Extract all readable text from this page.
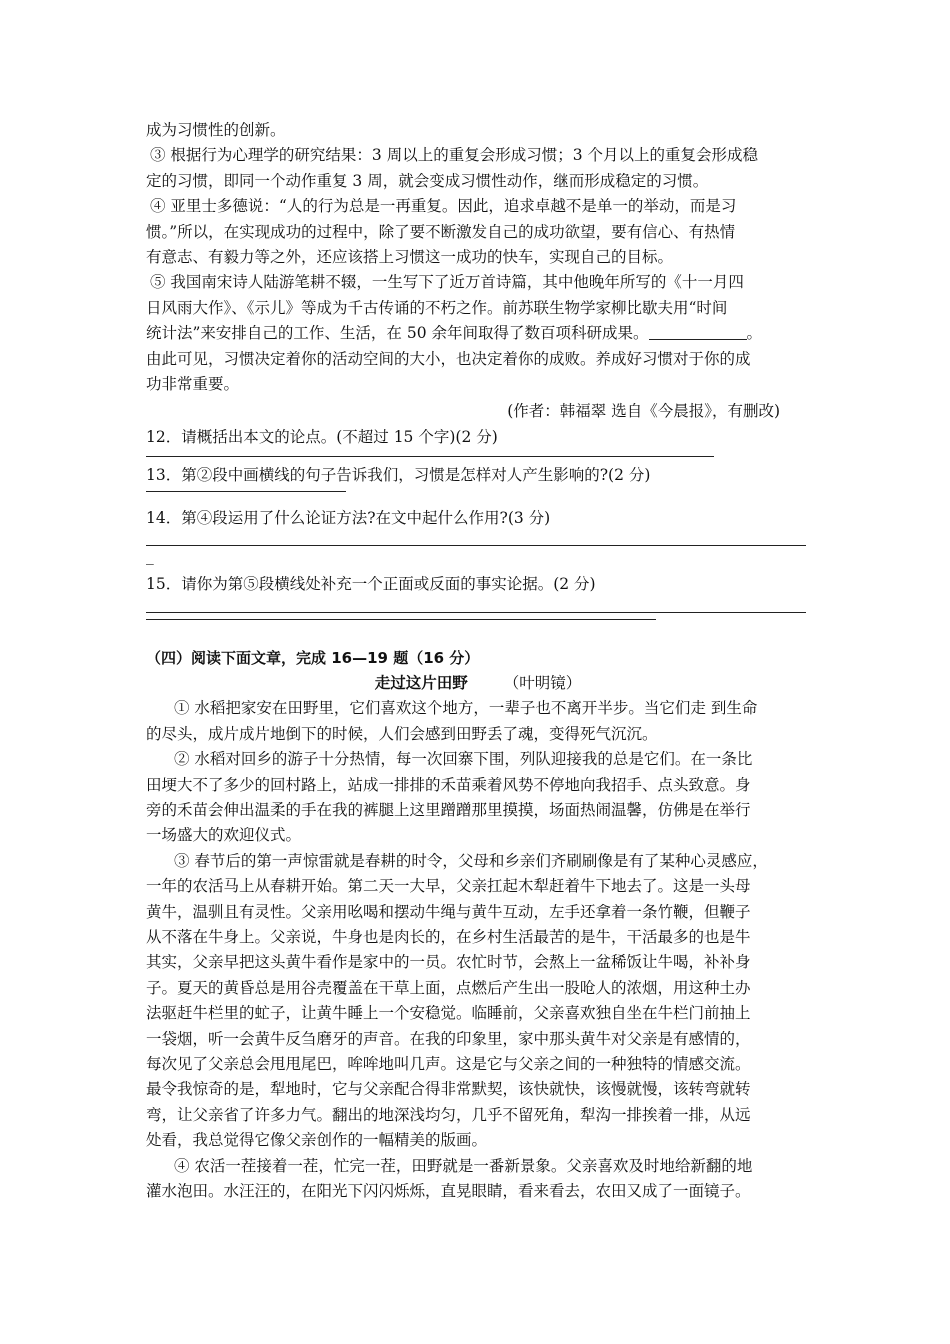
成为习惯性的创新。
③ 根据行为心理学的研究结果：3 周以上的重复会形成习惯；3 个月以上的重复会形成稳
定的习惯，即同一个动作重复 3 周，就会变成习惯性动作，继而形成稳定的习惯。
④ 亚里士多德说：“人的行为总是一再重复。因此，追求卓越不是单一的举动，而是习
惯。”所以，在实现成功的过程中，除了要不断激发自己的成功欲望，要有信心、有热情
有意志、有毅力等之外，还应该搭上习惯这一成功的快车，实现自己的目标。
⑤ 我国南宋诗人陆游笔耕不辍，一生写下了近万首诗篇，其中他晚年所写的《十一月四
日风雨大作》、《示儿》等成为千古传诵的不朽之作。前苏联生物学家柳比歇夫用“时间
统计法”来安排自己的工作、生活，在 50 余年间取得了数百项科研成果。	。
由此可见，习惯决定着你的活动空间的大小，也决定着你的成败。养成好习惯对于你的成
功非常重要。
(作者：韩福翠 选自《今晨报》，有删改)
12．请概括出本文的论点。(不超过 15 个字)(2 分)
13．第②段中画横线的句子告诉我们，习惯是怎样对人产生影响的?(2 分)
14．第④段运用了什么论证方法?在文中起什么作用?(3 分)
_
15．请你为第⑤段横线处补充一个正面或反面的事实论据。(2 分)
（四）阅读下面文章，完成 16—19 题（16 分）
走过这片田野 （叶明镜）
① 水稻把家安在田野里，它们喜欢这个地方，一辈子也不离开半步。当它们走 到生命
的尽头，成片成片地倒下的时候，人们会感到田野丢了魂，变得死气沉沉。
② 水稻对回乡的游子十分热情，每一次回寨下围，列队迎接我的总是它们。在一条比
田埂大不了多少的回村路上，站成一排排的禾苗乘着风势不停地向我招手、点头致意。身
旁的禾苗会伸出温柔的手在我的裤腿上这里蹭蹭那里摸摸，场面热闹温馨，仿佛是在举行
一场盛大的欢迎仪式。
③ 春节后的第一声惊雷就是春耕的时令，父母和乡亲们齐刷刷像是有了某种心灵感应，
一年的农活马上从春耕开始。第二天一大早，父亲扛起木犁赶着牛下地去了。这是一头母
黄牛，温驯且有灵性。父亲用吆喝和摆动牛绳与黄牛互动，左手还拿着一条竹鞭，但鞭子
从不落在牛身上。父亲说，牛身也是肉长的，在乡村生活最苦的是牛，干活最多的也是牛
其实，父亲早把这头黄牛看作是家中的一员。农忙时节，会熬上一盆稀饭让牛喝，补补身
子。夏天的黄昏总是用谷壳覆盖在干草上面，点燃后产生出一股呛人的浓烟，用这种土办
法驱赶牛栏里的虻子，让黄牛睡上一个安稳觉。临睡前，父亲喜欢独自坐在牛栏门前抽上
一袋烟，听一会黄牛反刍磨牙的声音。在我的印象里，家中那头黄牛对父亲是有感情的，
每次见了父亲总会甩甩尾巴，哞哞地叫几声。这是它与父亲之间的一种独特的情感交流。
最令我惊奇的是，犁地时，它与父亲配合得非常默契，该快就快，该慢就慢，该转弯就转
弯，让父亲省了许多力气。翻出的地深浅均匀，几乎不留死角，犁沟一排挨着一排，从远
处看，我总觉得它像父亲创作的一幅精美的版画。
④ 农活一茬接着一茬，忙完一茬，田野就是一番新景象。父亲喜欢及时地给新翻的地
灌水泡田。水汪汪的，在阳光下闪闪烁烁，直晃眼睛，看来看去，农田又成了一面镜子。
